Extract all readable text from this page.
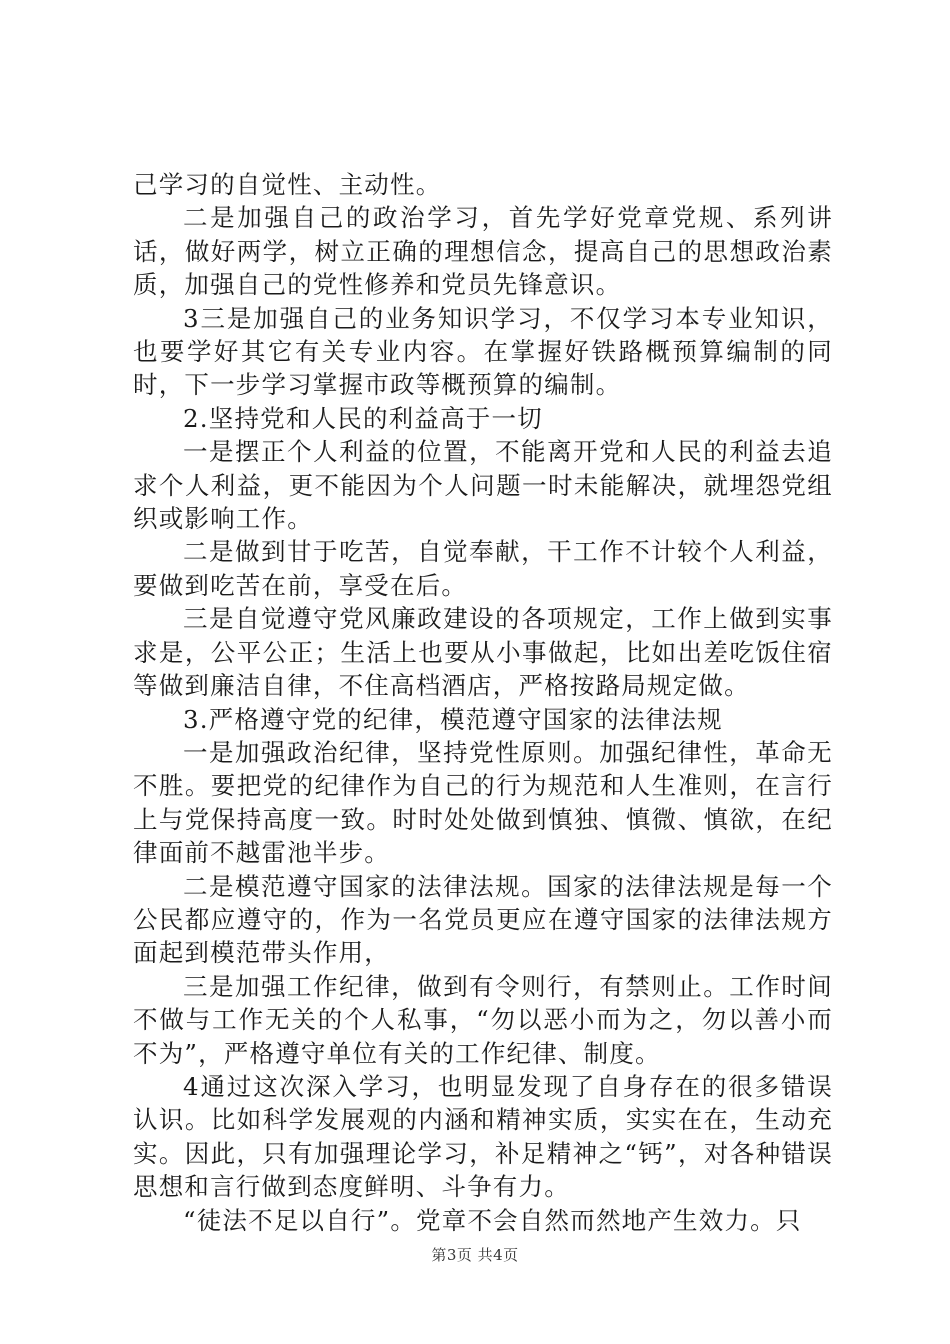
己学习的自觉性、主动性。

二是加强自己的政治学习，首先学好党章党规、系列讲话，做好两学，树立正确的理想信念，提高自己的思想政治素质，加强自己的党性修养和党员先锋意识。

3三是加强自己的业务知识学习，不仅学习本专业知识，也要学好其它有关专业内容。在掌握好铁路概预算编制的同时，下一步学习掌握市政等概预算的编制。

2.坚持党和人民的利益高于一切

一是摆正个人利益的位置，不能离开党和人民的利益去追求个人利益，更不能因为个人问题一时未能解决，就埋怨党组织或影响工作。

二是做到甘于吃苦，自觉奉献，干工作不计较个人利益，要做到吃苦在前，享受在后。

三是自觉遵守党风廉政建设的各项规定，工作上做到实事求是，公平公正；生活上也要从小事做起，比如出差吃饭住宿等做到廉洁自律，不住高档酒店，严格按路局规定做。

3.严格遵守党的纪律，模范遵守国家的法律法规

一是加强政治纪律，坚持党性原则。加强纪律性，革命无不胜。要把党的纪律作为自己的行为规范和人生准则，在言行上与党保持高度一致。时时处处做到慎独、慎微、慎欲，在纪律面前不越雷池半步。

二是模范遵守国家的法律法规。国家的法律法规是每一个公民都应遵守的，作为一名党员更应在遵守国家的法律法规方面起到模范带头作用，

三是加强工作纪律，做到有令则行，有禁则止。工作时间不做与工作无关的个人私事，“勿以恶小而为之，勿以善小而不为”，严格遵守单位有关的工作纪律、制度。

4通过这次深入学习，也明显发现了自身存在的很多错误认识。比如科学发展观的内涵和精神实质，实实在在，生动充实。因此，只有加强理论学习，补足精神之“钙”，对各种错误思想和言行做到态度鲜明、斗争有力。

“徒法不足以自行”。党章不会自然而然地产生效力。只

第3页 共4页
